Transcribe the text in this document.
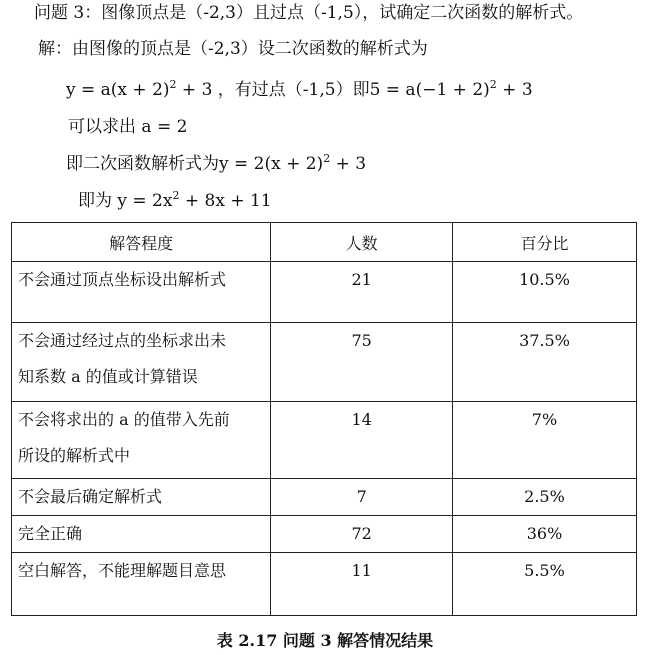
问题 3：图像顶点是（-2,3）且过点（-1,5），试确定二次函数的解析式。
解：由图像的顶点是（-2,3）设二次函数的解析式为
$y = a(x + 2)^2 + 3$ ，有过点（-1,5）即$5 = a(-1 + 2)^2 + 3$
可以求出 a = 2
即二次函数解析式为$y = 2(x + 2)^2 + 3$
即为 $y = 2x^2 + 8x + 11$
解答程度	人数	百分比
不会通过顶点坐标设出解析式	21	10.5%

不会通过经过点的坐标求出未
知系数 a 的值或计算错误	75	37.5%

不会将求出的 a 的值带入先前
所设的解析式中	14	7%
不会最后确定解析式	7	2.5%
完全正确	72	36%
空白解答，不能理解题目意思	11	5.5%
表 2.17 问题 3 解答情况结果
